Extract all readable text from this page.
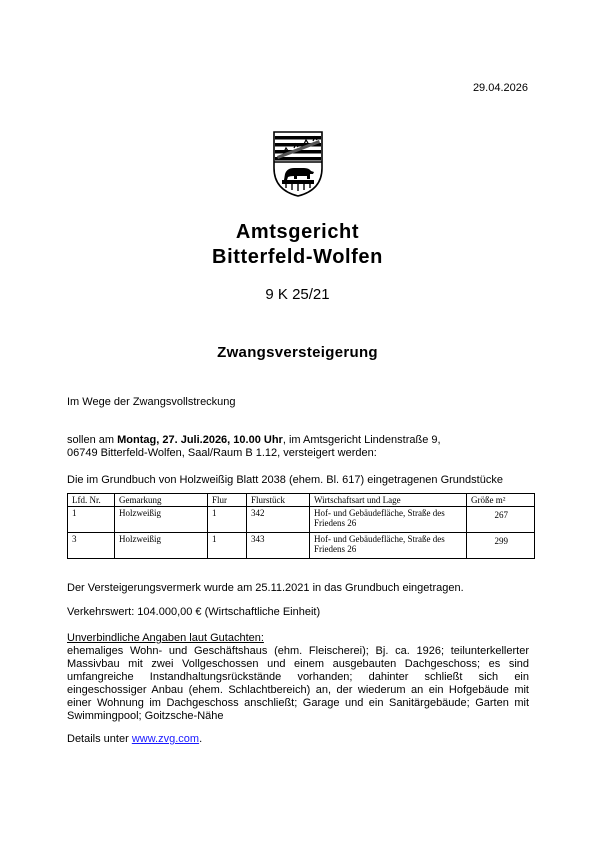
29.04.2026
Amtsgericht
Bitterfeld-Wolfen
9 K 25/21
Zwangsversteigerung
Im Wege der Zwangsvollstreckung
sollen am Montag, 27. Juli.2026, 10.00 Uhr, im Amtsgericht Lindenstraße 9,
06749 Bitterfeld-Wolfen, Saal/Raum B 1.12, versteigert werden:
Die im Grundbuch von Holzweißig Blatt 2038 (ehem. Bl. 617) eingetragenen Grundstücke
Lfd. Nr.	Gemarkung	Flur	Flurstück	Wirtschaftsart und Lage	Größe m²
1	Holzweißig	1	342	Hof- und Gebäudefläche, Straße des Friedens 26	267
3	Holzweißig	1	343	Hof- und Gebäudefläche, Straße des Friedens 26	299
Der Versteigerungsvermerk wurde am 25.11.2021 in das Grundbuch eingetragen.
Verkehrswert: 104.000,00 € (Wirtschaftliche Einheit)
Unverbindliche Angaben laut Gutachten:
ehemaliges Wohn- und Geschäftshaus (ehm. Fleischerei); Bj. ca. 1926; teilunterkellerter Massivbau mit zwei Vollgeschossen und einem ausgebauten Dachgeschoss; es sind umfangreiche Instandhaltungsrückstände vorhanden; dahinter schließt sich ein eingeschossiger Anbau (ehem. Schlachtbereich) an, der wiederum an ein Hofgebäude mit einer Wohnung im Dachgeschoss anschließt; Garage und ein Sanitärgebäude; Garten mit Swimmingpool; Goitzsche-Nähe
Details unter www.zvg.com.
